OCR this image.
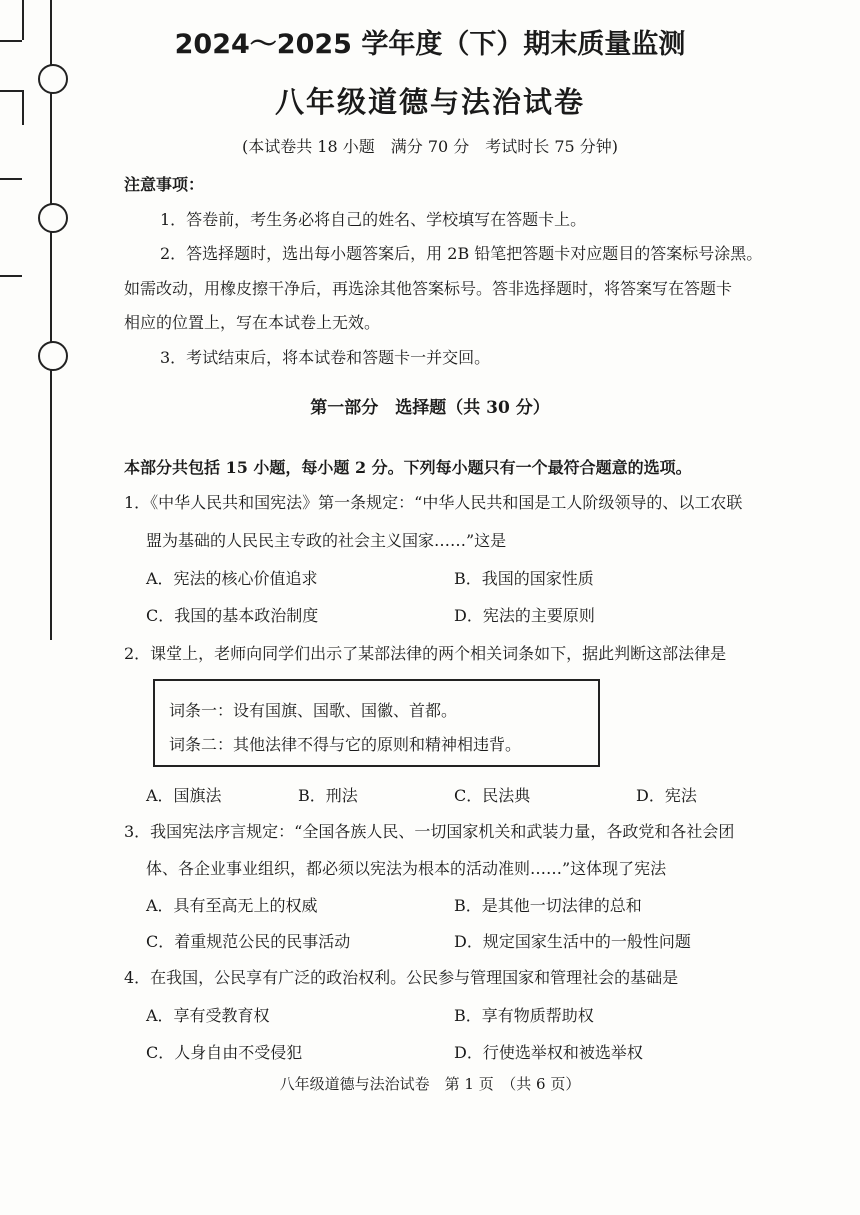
2024～2025 学年度（下）期末质量监测
八年级道德与法治试卷
(本试卷共 18 小题　满分 70 分　考试时长 75 分钟)
注意事项：
1．答卷前，考生务必将自己的姓名、学校填写在答题卡上。
2．答选择题时，选出每小题答案后，用 2B 铅笔把答题卡对应题目的答案标号涂黑。
如需改动，用橡皮擦干净后，再选涂其他答案标号。答非选择题时，将答案写在答题卡
相应的位置上，写在本试卷上无效。
3．考试结束后，将本试卷和答题卡一并交回。
第一部分　选择题（共 30 分）
本部分共包括 15 小题，每小题 2 分。下列每小题只有一个最符合题意的选项。
1．《中华人民共和国宪法》第一条规定：“中华人民共和国是工人阶级领导的、以工农联
盟为基础的人民民主专政的社会主义国家……”这是
A．宪法的核心价值追求	B．我国的国家性质
C．我国的基本政治制度	D．宪法的主要原则
2．课堂上，老师向同学们出示了某部法律的两个相关词条如下，据此判断这部法律是
词条一：设有国旗、国歌、国徽、首都。
词条二：其他法律不得与它的原则和精神相违背。
A．国旗法	B．刑法	C．民法典	D．宪法
3．我国宪法序言规定：“全国各族人民、一切国家机关和武装力量，各政党和各社会团
体、各企业事业组织，都必须以宪法为根本的活动准则……”这体现了宪法
A．具有至高无上的权威	B．是其他一切法律的总和
C．着重规范公民的民事活动	D．规定国家生活中的一般性问题
4．在我国，公民享有广泛的政治权利。公民参与管理国家和管理社会的基础是
A．享有受教育权	B．享有物质帮助权
C．人身自由不受侵犯	D．行使选举权和被选举权
八年级道德与法治试卷　第 1 页　（共 6 页）
